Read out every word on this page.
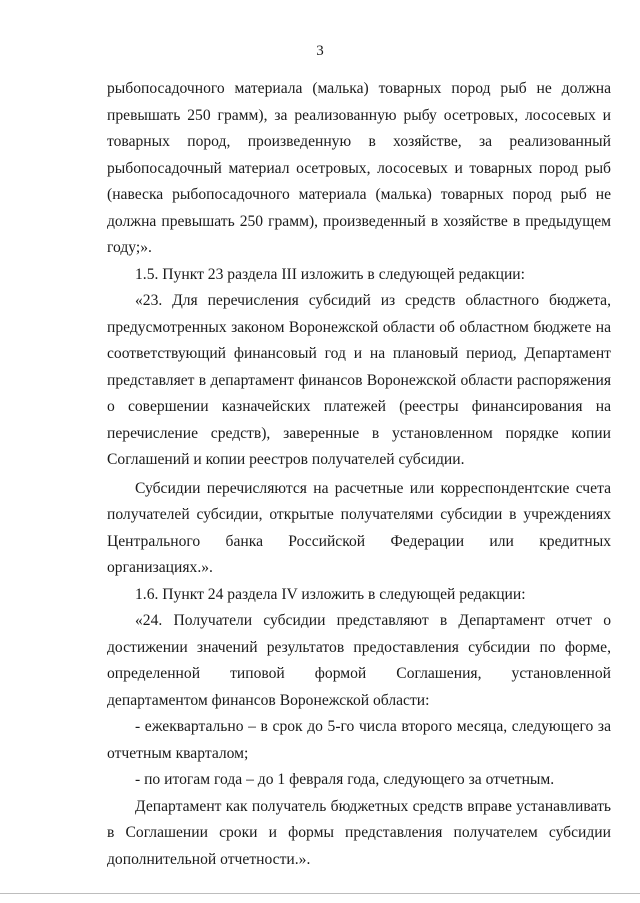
3

рыбопосадочного материала (малька) товарных пород рыб не должна превышать 250 грамм), за реализованную рыбу осетровых, лососевых и товарных пород, произведенную в хозяйстве, за реализованный рыбопосадочный материал осетровых, лососевых и товарных пород рыб (навеска рыбопосадочного материала (малька) товарных пород рыб не должна превышать 250 грамм), произведенный в хозяйстве в предыдущем году;».

1.5. Пункт 23 раздела III изложить в следующей редакции:

«23. Для перечисления субсидий из средств областного бюджета, предусмотренных законом Воронежской области об областном бюджете на соответствующий финансовый год и на плановый период, Департамент представляет в департамент финансов Воронежской области распоряжения о совершении казначейских платежей (реестры финансирования на перечисление средств), заверенные в установленном порядке копии Соглашений и копии реестров получателей субсидии.

Субсидии перечисляются на расчетные или корреспондентские счета получателей субсидии, открытые получателями субсидии в учреждениях Центрального банка Российской Федерации или кредитных организациях.».

1.6. Пункт 24 раздела IV изложить в следующей редакции:

«24. Получатели субсидии представляют в Департамент отчет о достижении значений результатов предоставления субсидии по форме, определенной типовой формой Соглашения, установленной департаментом финансов Воронежской области:

- ежеквартально – в срок до 5-го числа второго месяца, следующего за отчетным кварталом;

- по итогам года – до 1 февраля года, следующего за отчетным.

Департамент как получатель бюджетных средств вправе устанавливать в Соглашении сроки и формы представления получателем субсидии дополнительной отчетности.».
